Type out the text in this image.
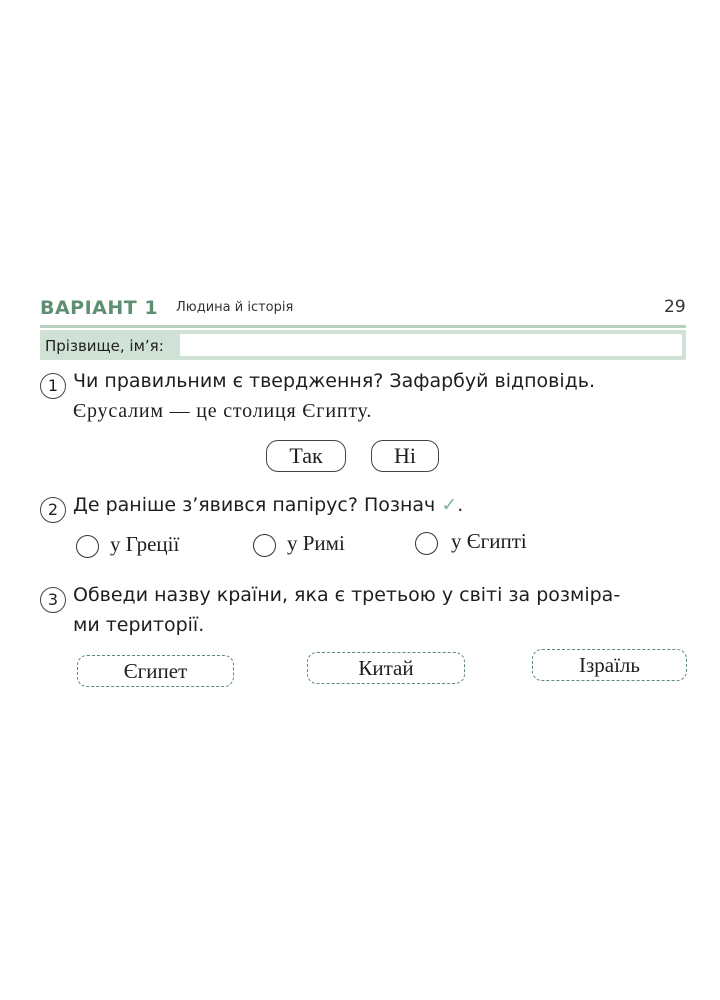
ВАРІАНТ 1 Людина й історія	29
Прізвище, ім’я:
1 Чи правильним є твердження? Зафарбуй відповідь.
Єрусалим — це столиця Єгипту.
Так	Ні
2 Де раніше з’явився папірус? Познач ✓.
у Греції	у Римі	у Єгипті
3 Обведи назву країни, яка є третьою у світі за розміра-
ми території.
Єгипет	Китай	Ізраїль
